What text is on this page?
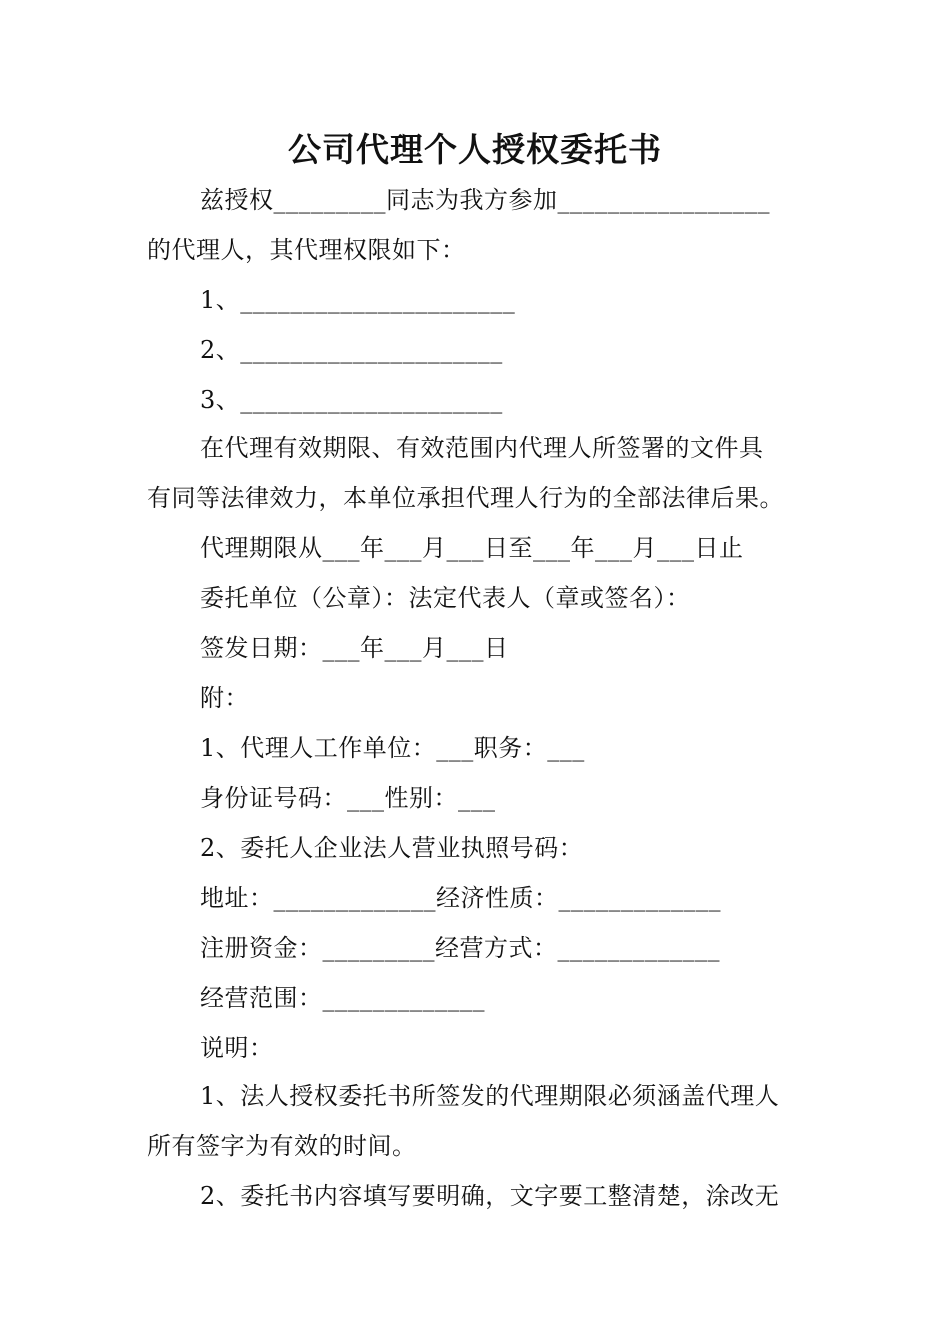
公司代理个人授权委托书
兹授权_________同志为我方参加_________________
的代理人，其代理权限如下：
1、______________________
2、_____________________
3、_____________________
在代理有效期限、有效范围内代理人所签署的文件具
有同等法律效力，本单位承担代理人行为的全部法律后果。
代理期限从___年___月___日至___年___月___日止
委托单位（公章）：法定代表人（章或签名）：
签发日期：___年___月___日
附：
1、代理人工作单位：___职务：___
身份证号码：___性别：___
2、委托人企业法人营业执照号码：
地址：_____________经济性质：_____________
注册资金：_________经营方式：_____________
经营范围：_____________
说明：
1、法人授权委托书所签发的代理期限必须涵盖代理人
所有签字为有效的时间。
2、委托书内容填写要明确，文字要工整清楚，涂改无
